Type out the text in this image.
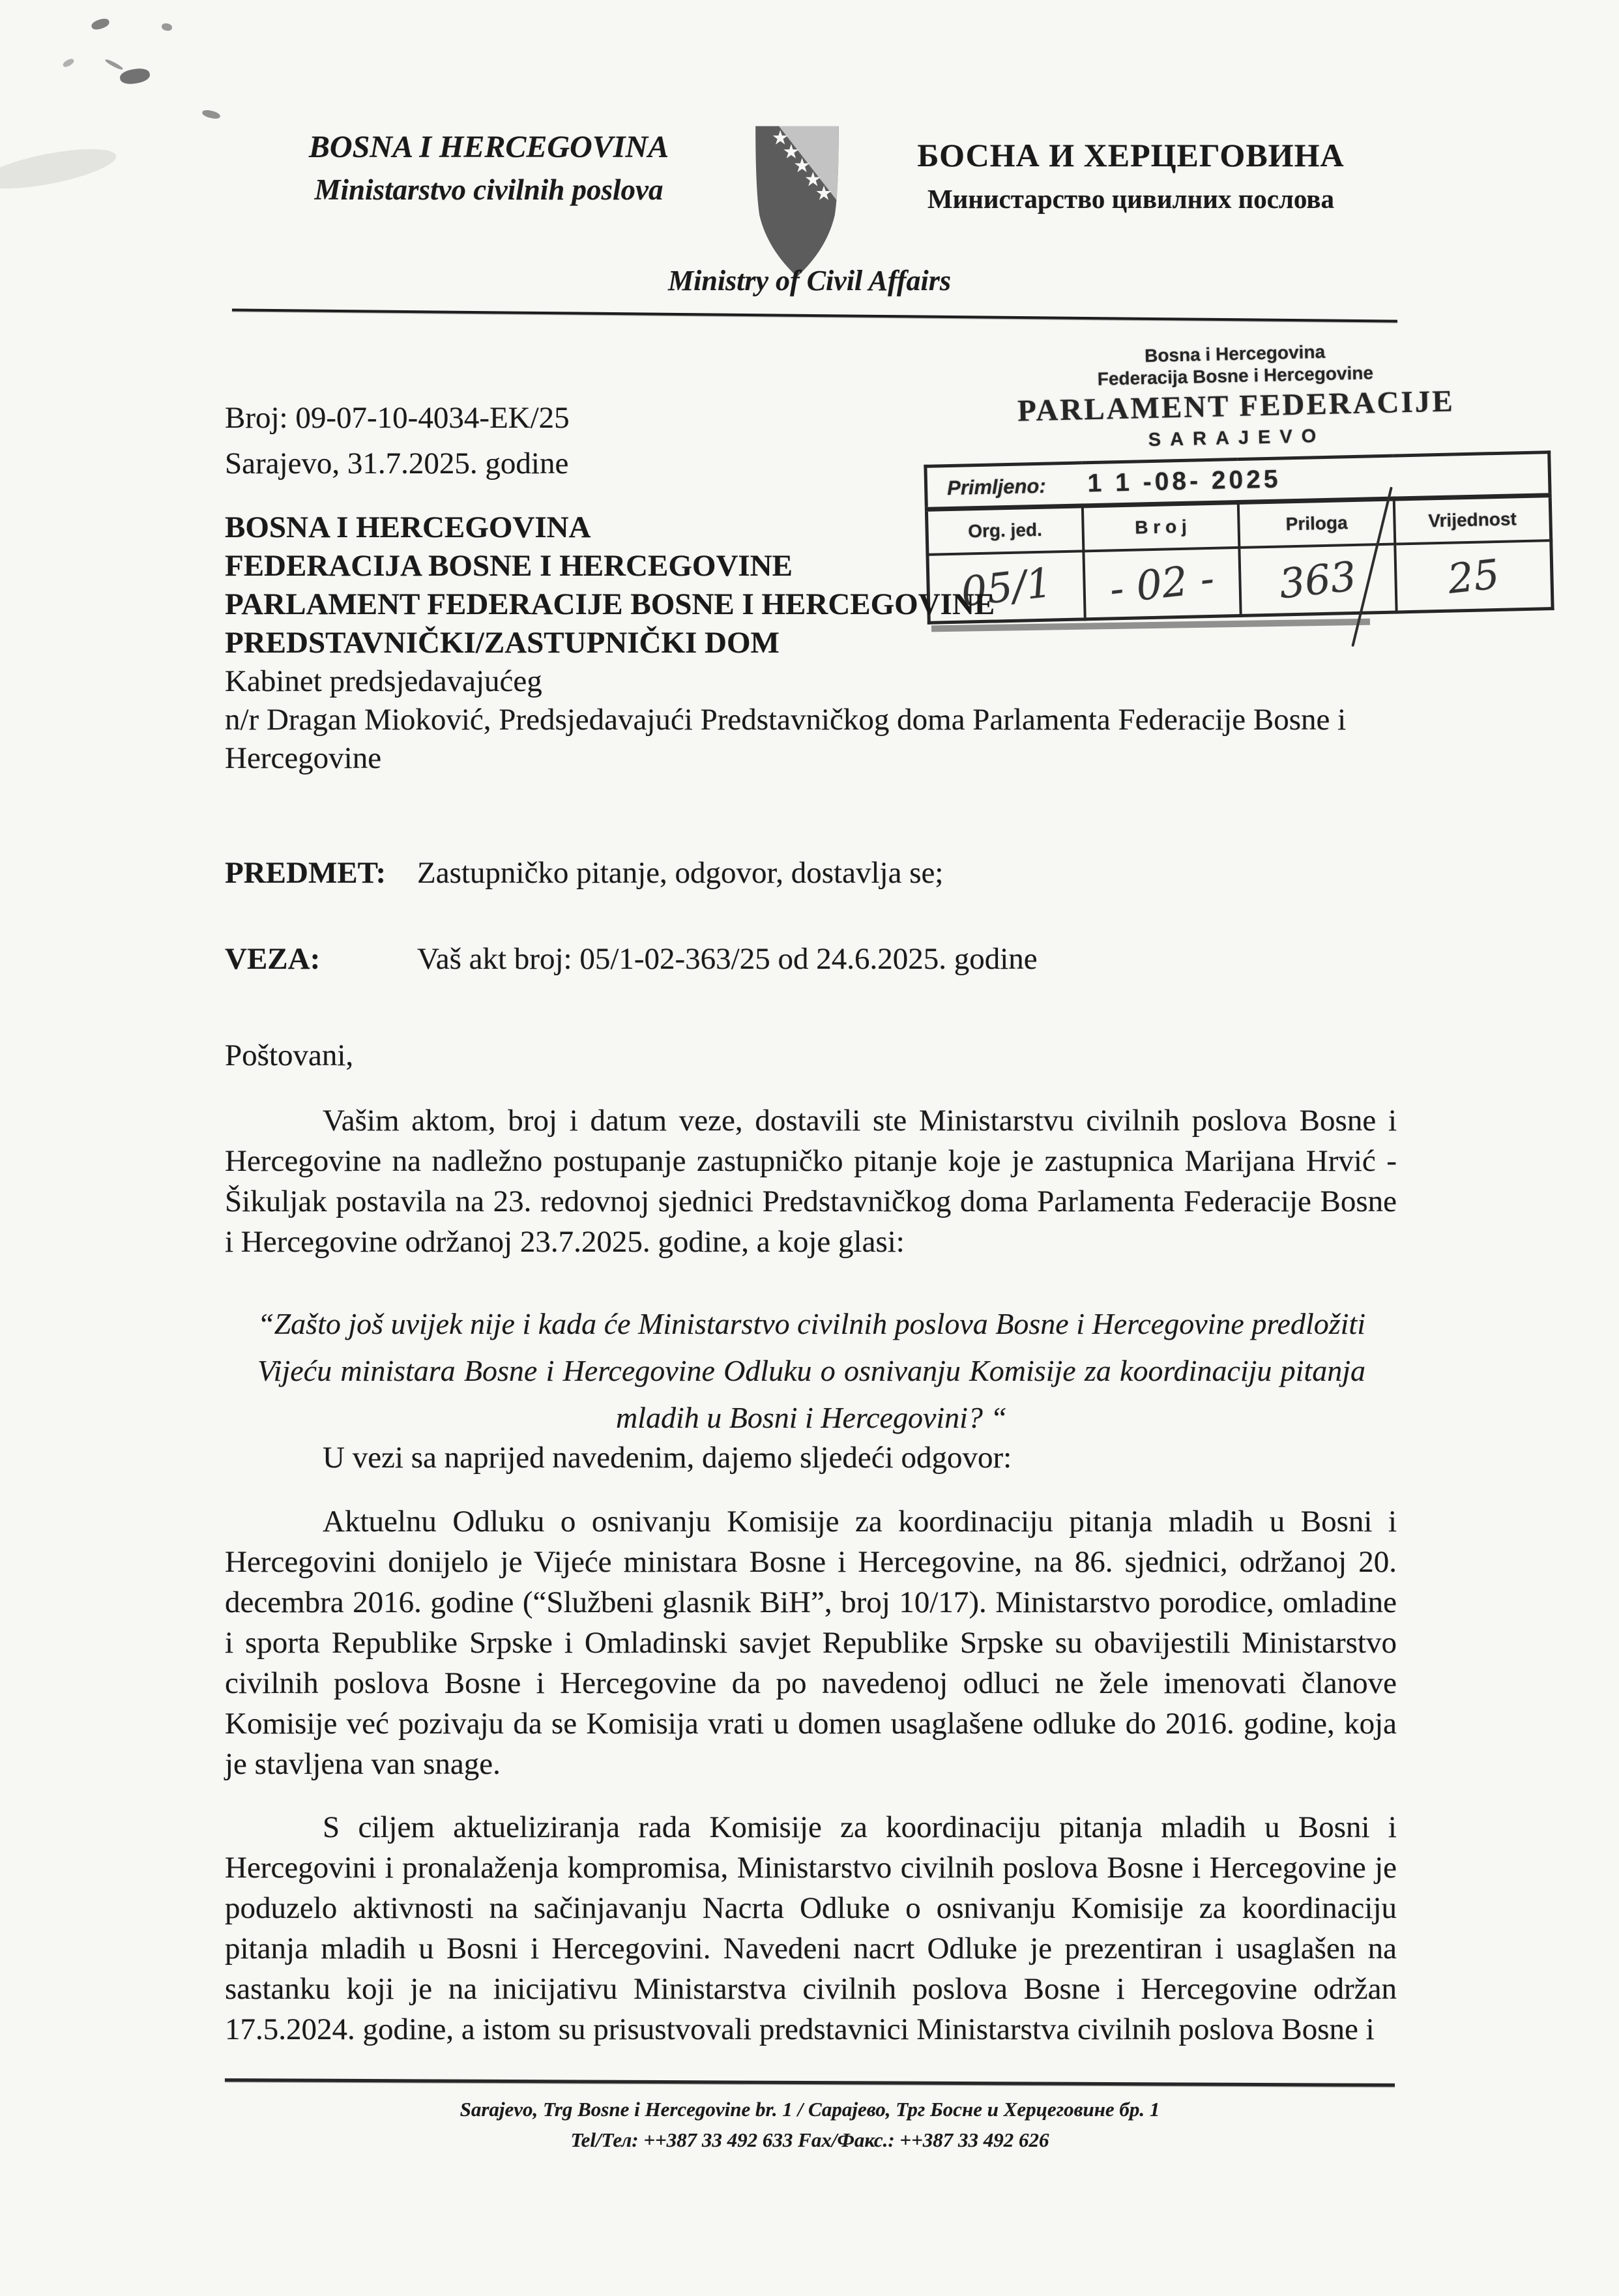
BOSNA I HERCEGOVINA
Ministarstvo civilnih poslova
БОСНА И ХЕРЦЕГОВИНА
Министарство цивилних послова
Ministry of Civil Affairs
Broj: 09-07-10-4034-EK/25
Sarajevo, 31.7.2025. godine
Bosna i Hercegovina
Federacija Bosne i Hercegovine
PARLAMENT FEDERACIJE
SARAJEVO
Primljeno: 1 1 -08- 2025			
Org. jed.	B r o j	Priloga	Vrijednost
05/1	- 02 -	363	25
BOSNA I HERCEGOVINA
FEDERACIJA BOSNE I HERCEGOVINE
PARLAMENT FEDERACIJE BOSNE I HERCEGOVINE
PREDSTAVNIČKI/ZASTUPNIČKI DOM
Kabinet predsjedavajućeg
n/r Dragan Mioković, Predsjedavajući Predstavničkog doma Parlamenta Federacije Bosne i Hercegovine
PREDMET:	Zastupničko pitanje, odgovor, dostavlja se;
VEZA:	Vaš akt broj: 05/1-02-363/25 od 24.6.2025. godine
Poštovani,
Vašim aktom, broj i datum veze, dostavili ste Ministarstvu civilnih poslova Bosne i Hercegovine na nadležno postupanje zastupničko pitanje koje je zastupnica Marijana Hrvić - Šikuljak postavila na 23. redovnoj sjednici Predstavničkog doma Parlamenta Federacije Bosne i Hercegovine održanoj 23.7.2025. godine, a koje glasi:
“Zašto još uvijek nije i kada će Ministarstvo civilnih poslova Bosne i Hercegovine predložiti Vijeću ministara Bosne i Hercegovine Odluku o osnivanju Komisije za koordinaciju pitanja mladih u Bosni i Hercegovini? “
U vezi sa naprijed navedenim, dajemo sljedeći odgovor:
Aktuelnu Odluku o osnivanju Komisije za koordinaciju pitanja mladih u Bosni i Hercegovini donijelo je Vijeće ministara Bosne i Hercegovine, na 86. sjednici, održanoj 20. decembra 2016. godine (“Službeni glasnik BiH”, broj 10/17). Ministarstvo porodice, omladine i sporta Republike Srpske i Omladinski savjet Republike Srpske su obavijestili Ministarstvo civilnih poslova Bosne i Hercegovine da po navedenoj odluci ne žele imenovati članove Komisije već pozivaju da se Komisija vrati u domen usaglašene odluke do 2016. godine, koja je stavljena van snage.
S ciljem aktueliziranja rada Komisije za koordinaciju pitanja mladih u Bosni i Hercegovini i pronalaženja kompromisa, Ministarstvo civilnih poslova Bosne i Hercegovine je poduzelo aktivnosti na sačinjavanju Nacrta Odluke o osnivanju Komisije za koordinaciju pitanja mladih u Bosni i Hercegovini. Navedeni nacrt Odluke je prezentiran i usaglašen na sastanku koji je na inicijativu Ministarstva civilnih poslova Bosne i Hercegovine održan 17.5.2024. godine, a istom su prisustvovali predstavnici Ministarstva civilnih poslova Bosne i
Sarajevo, Trg Bosne i Hercegovine br. 1 / Сарајево, Трг Босне и Херцеговине бр. 1
Tel/Тел: ++387 33 492 633 Fax/Факс.: ++387 33 492 626
